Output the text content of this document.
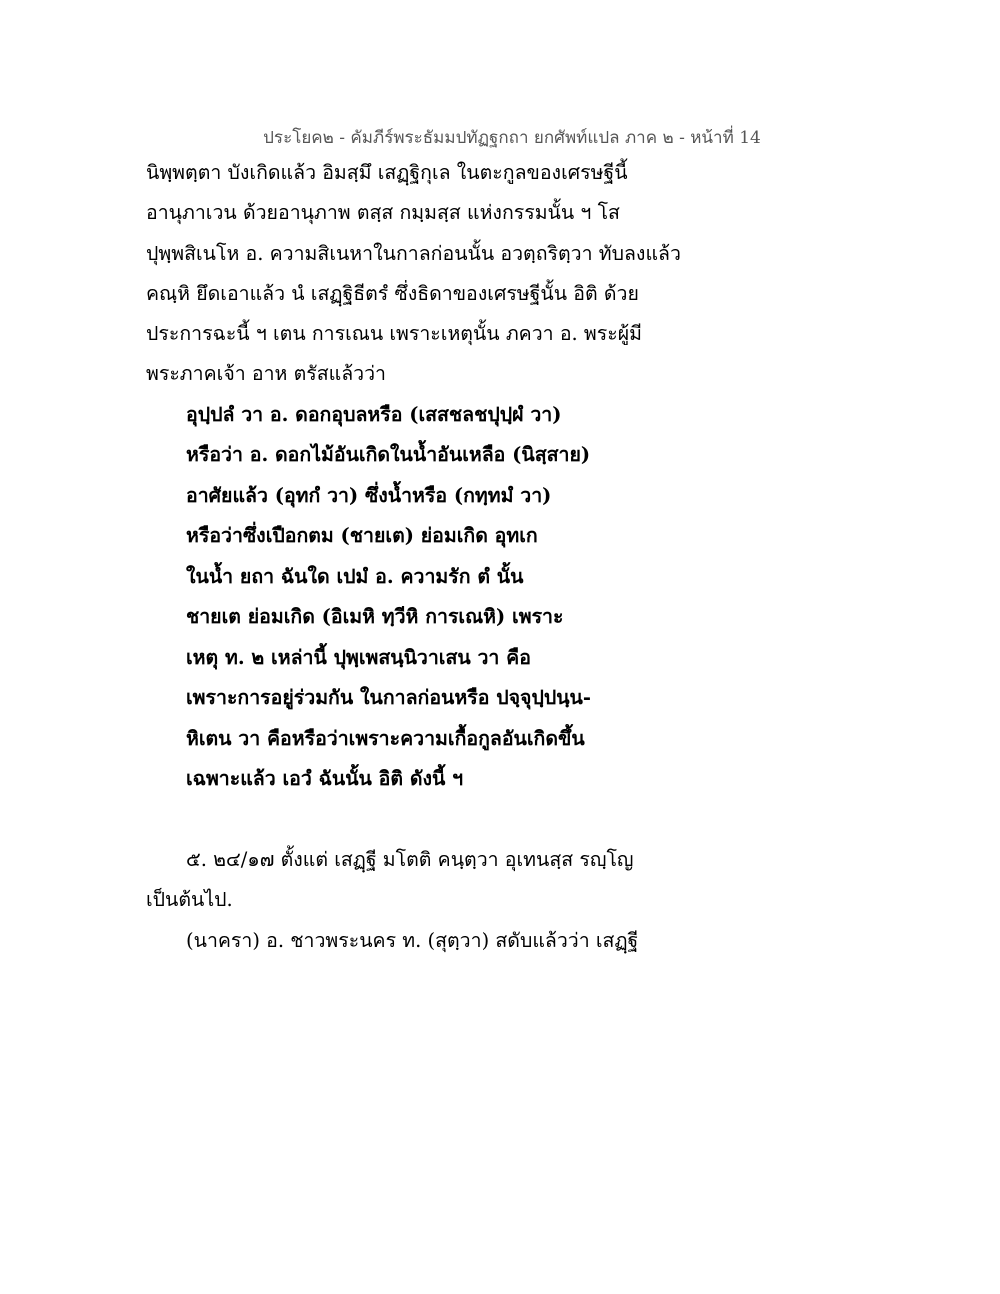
ประโยค๒ - คัมภีร์พระธัมมปทัฏฐกถา ยกศัพท์แปล ภาค ๒ - หน้าที่ 14
นิพฺพตฺตา บังเกิดแล้ว อิมสฺมึ เสฏฺฐิกุเล ในตะกูลของเศรษฐีนี้
อานุภาเวน ด้วยอานุภาพ ตสฺส กมฺมสฺส แห่งกรรมนั้น ฯ โส
ปุพฺพสิเนโห อ. ความสิเนหาในกาลก่อนนั้น อวตฺถริตฺวา ทับลงแล้ว
คณฺหิ ยึดเอาแล้ว นํ เสฏฺฐิธีตรํ ซึ่งธิดาของเศรษฐีนั้น อิติ ด้วย
ประการฉะนี้ ฯ เตน การเณน เพราะเหตุนั้น ภควา อ. พระผู้มี
พระภาคเจ้า อาห ตรัสแล้วว่า
อุปฺปลํ วา อ. ดอกอุบลหรือ (เสสชลชปุปฺผํ วา)
หรือว่า อ. ดอกไม้อันเกิดในน้ำอันเหลือ (นิสฺสาย)
อาศัยแล้ว (อุทกํ วา) ซึ่งน้ำหรือ (กทฺทมํ วา)
หรือว่าซึ่งเปือกตม (ชายเต) ย่อมเกิด อุทเก
ในน้ำ ยถา ฉันใด เปมํ อ. ความรัก ตํ นั้น
ชายเต ย่อมเกิด (อิเมหิ ทฺวีหิ การเณหิ) เพราะ
เหตุ ท. ๒ เหล่านี้ ปุพฺเพสนฺนิวาเสน วา คือ
เพราะการอยู่ร่วมกัน ในกาลก่อนหรือ ปจฺจุปฺปนฺน-
หิเตน วา คือหรือว่าเพราะความเกื้อกูลอันเกิดขึ้น
เฉพาะแล้ว เอวํ ฉันนั้น อิติ ดังนี้ ฯ
๕. ๒๔/๑๗ ตั้งแต่ เสฏฺฐี มโตติ คนฺตฺวา อุเทนสฺส รญฺโญ
เป็นต้นไป.
(นาครา) อ. ชาวพระนคร ท. (สุตฺวา) สดับแล้วว่า เสฏฺฐี
